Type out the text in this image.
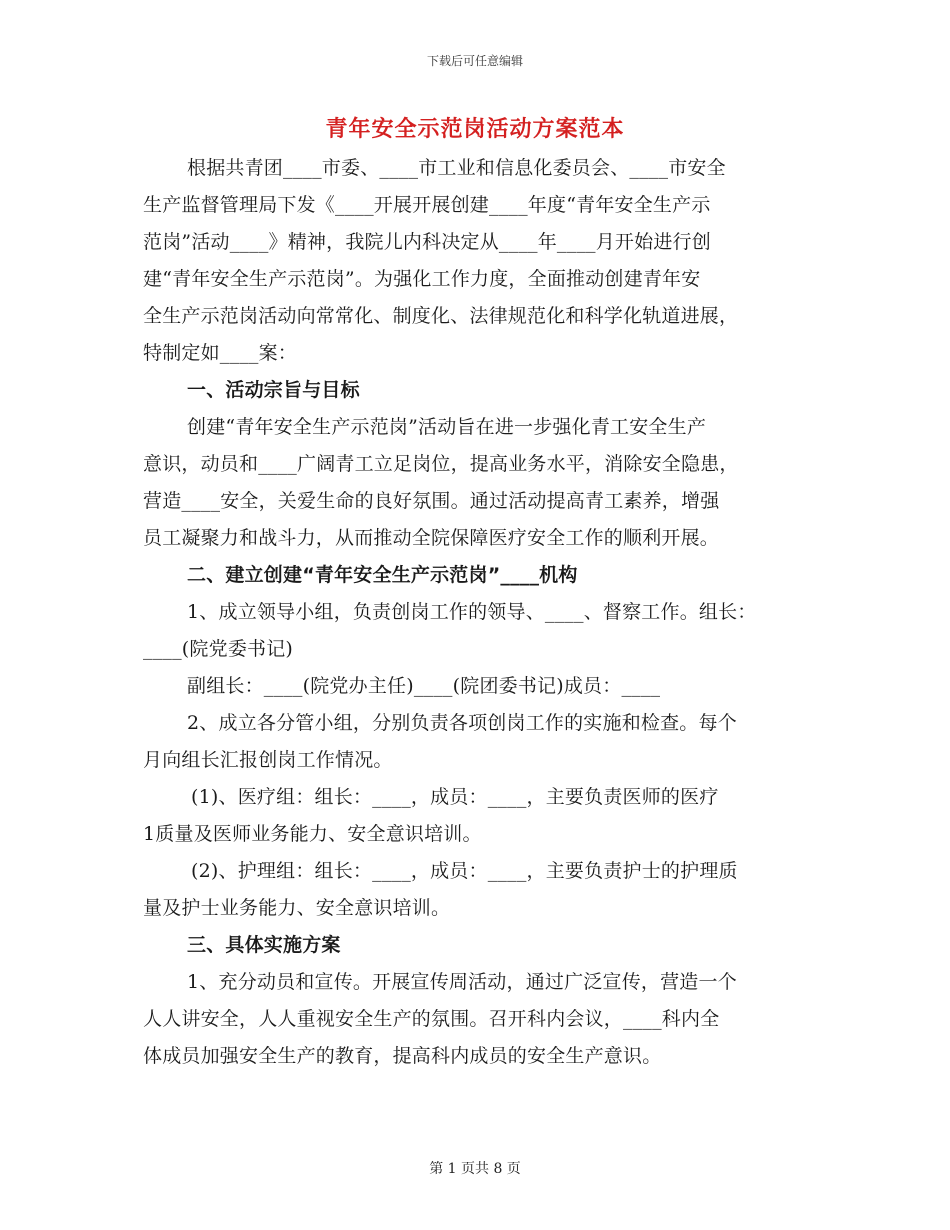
下载后可任意编辑
青年安全示范岗活动方案范本
根据共青团____市委、____市工业和信息化委员会、____市安全
生产监督管理局下发《____开展开展创建____年度“青年安全生产示
范岗”活动____》精神，我院儿内科决定从____年____月开始进行创
建“青年安全生产示范岗”。为强化工作力度，全面推动创建青年安
全生产示范岗活动向常常化、制度化、法律规范化和科学化轨道进展，
特制定如____案：
一、活动宗旨与目标
创建“青年安全生产示范岗”活动旨在进一步强化青工安全生产
意识，动员和____广阔青工立足岗位，提高业务水平，消除安全隐患，
营造____安全，关爱生命的良好氛围。通过活动提高青工素养，增强
员工凝聚力和战斗力，从而推动全院保障医疗安全工作的顺利开展。
二、建立创建“青年安全生产示范岗”____机构
1、成立领导小组，负责创岗工作的领导、____、督察工作。组长：
____(院党委书记)
副组长：____(院党办主任)____(院团委书记)成员：____
2、成立各分管小组，分别负责各项创岗工作的实施和检查。每个
月向组长汇报创岗工作情况。
(1)、医疗组：组长：____，成员：____，主要负责医师的医疗
1质量及医师业务能力、安全意识培训。
(2)、护理组：组长：____，成员：____，主要负责护士的护理质
量及护士业务能力、安全意识培训。
三、具体实施方案
1、充分动员和宣传。开展宣传周活动，通过广泛宣传，营造一个
人人讲安全，人人重视安全生产的氛围。召开科内会议，____科内全
体成员加强安全生产的教育，提高科内成员的安全生产意识。
第 1 页共 8 页
